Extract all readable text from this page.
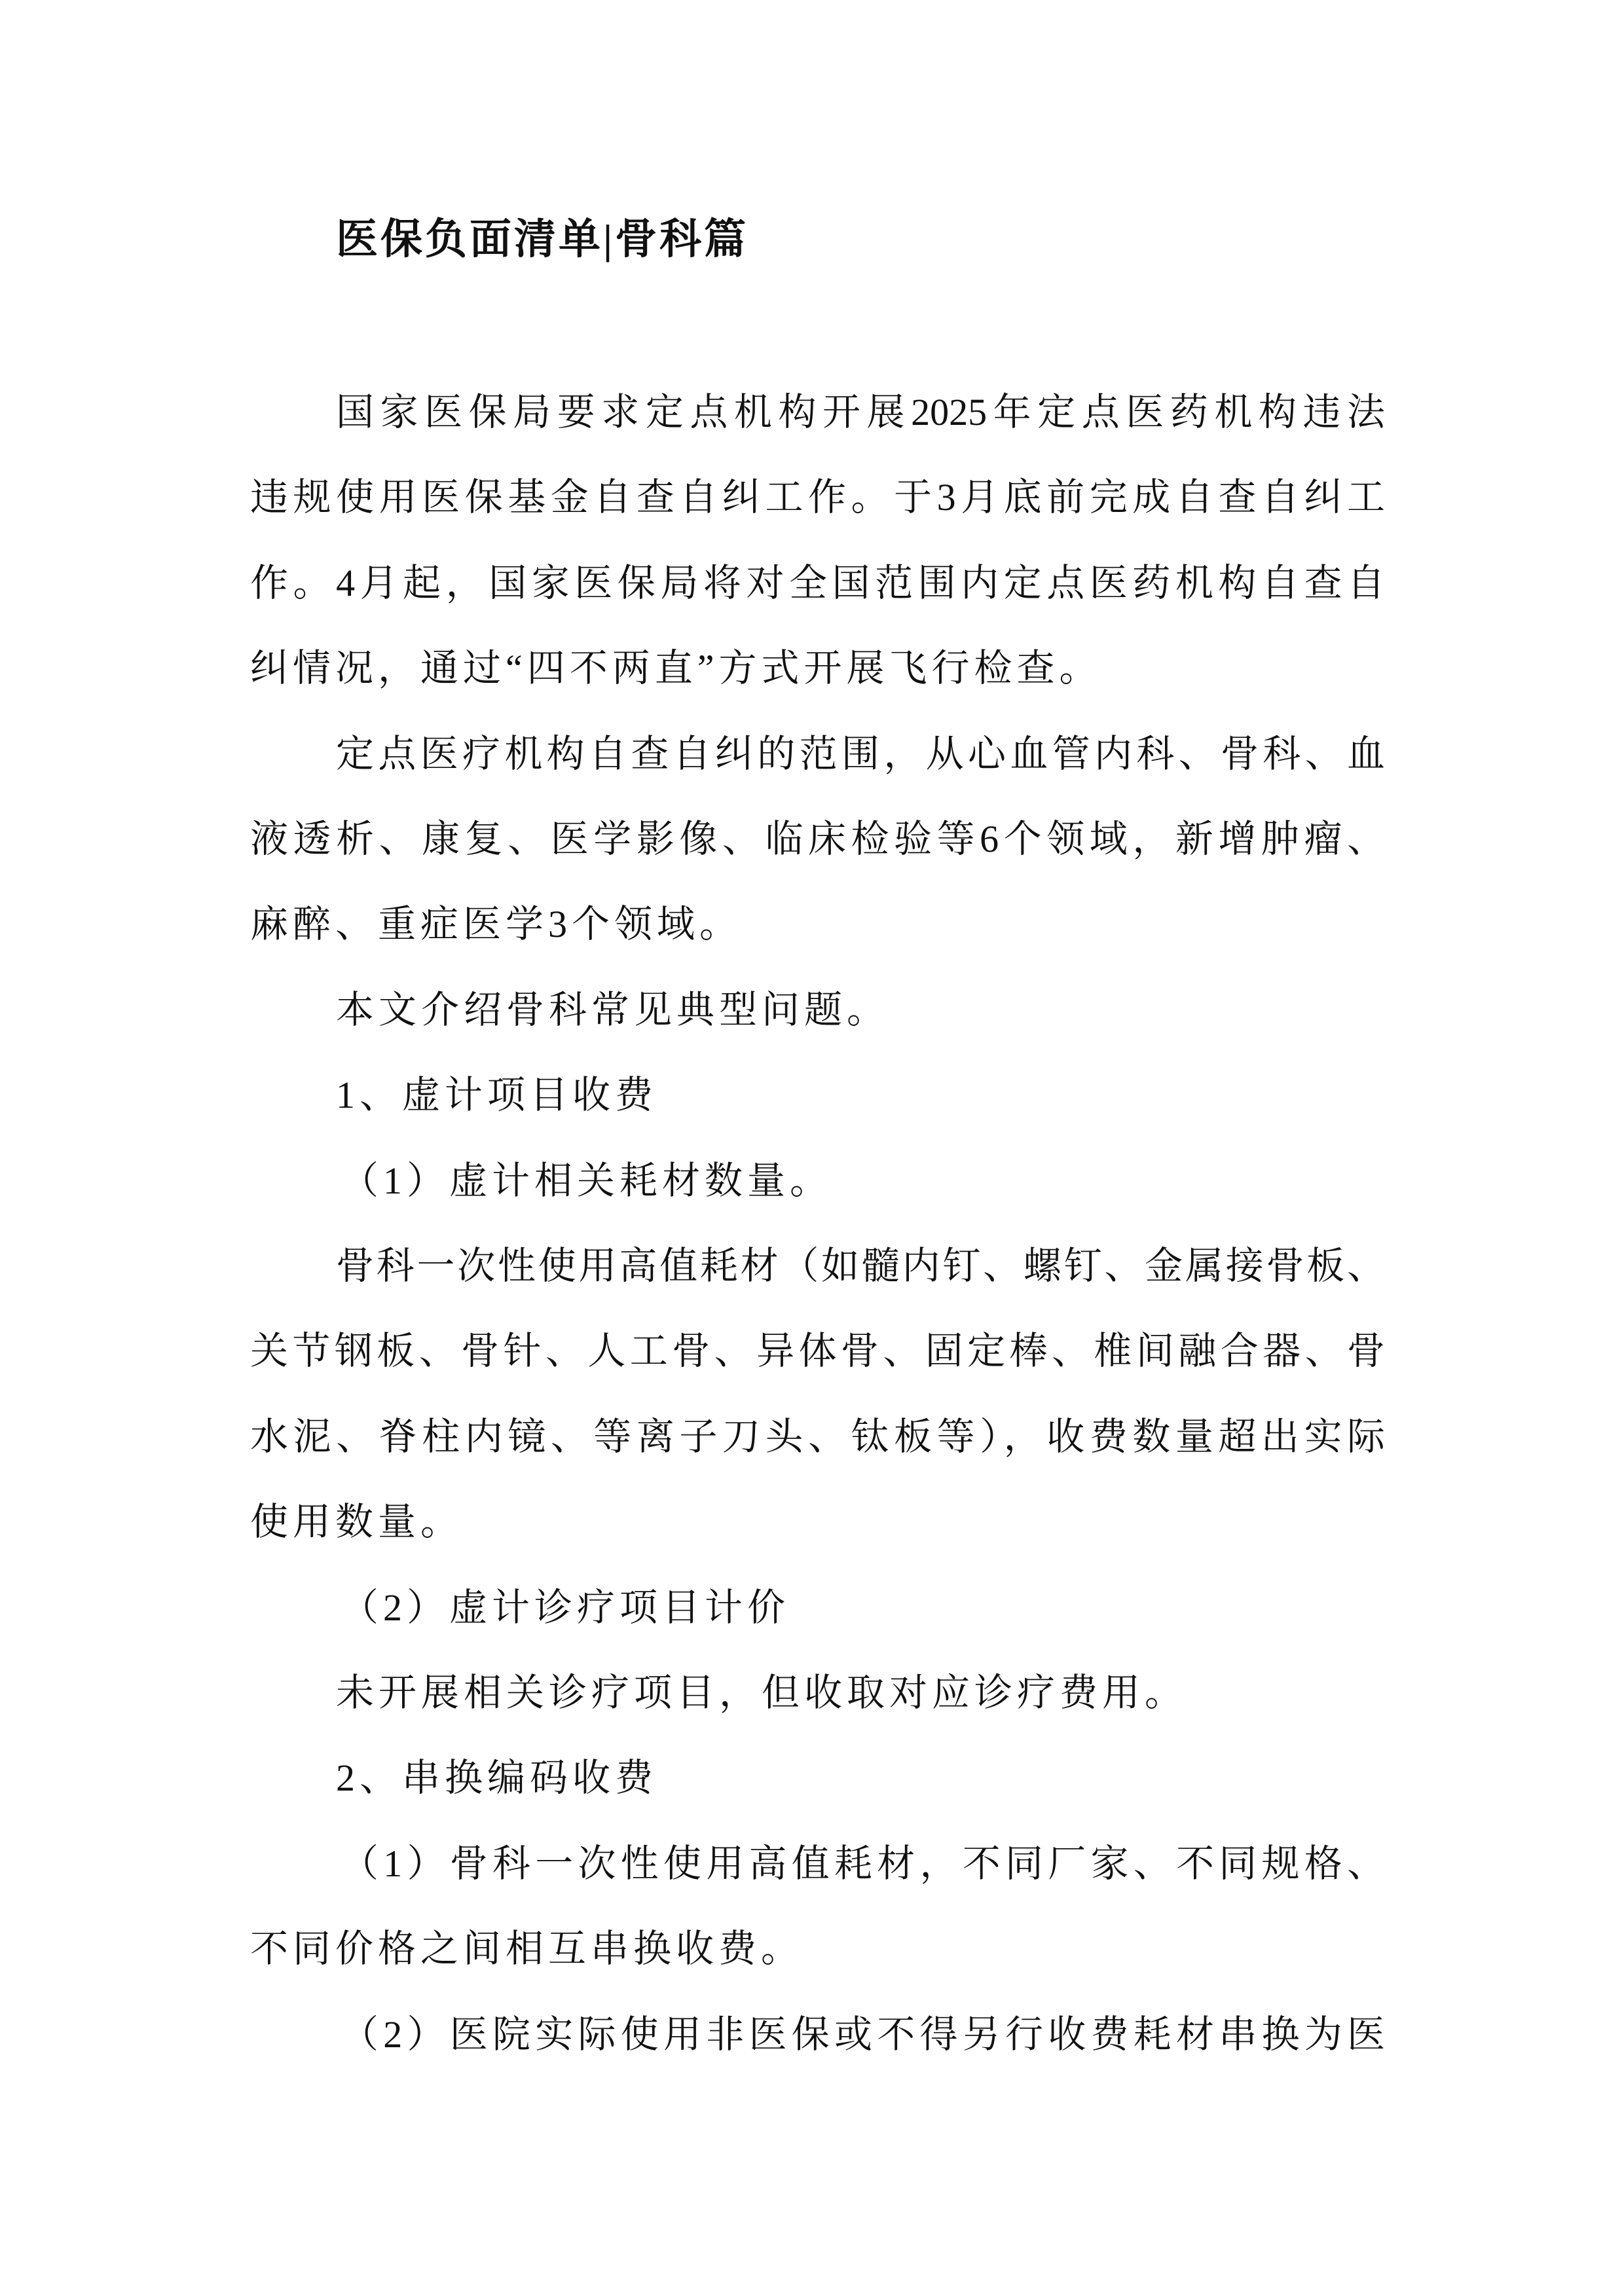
医保负面清单|骨科篇
国家医保局要求定点机构开展2025年定点医药机构违法
违规使用医保基金自查自纠工作。于3月底前完成自查自纠工
作。4月起，国家医保局将对全国范围内定点医药机构自查自
纠情况，通过“四不两直”方式开展飞行检查。
定点医疗机构自查自纠的范围，从心血管内科、骨科、血
液透析、康复、医学影像、临床检验等6个领域，新增肿瘤、
麻醉、重症医学3个领域。
本文介绍骨科常见典型问题。
1、虚计项目收费
（1）虚计相关耗材数量。
骨科一次性使用高值耗材（如髓内钉、螺钉、金属接骨板、
关节钢板、骨针、人工骨、异体骨、固定棒、椎间融合器、骨
水泥、脊柱内镜、等离子刀头、钛板等），收费数量超出实际
使用数量。
（2）虚计诊疗项目计价
未开展相关诊疗项目，但收取对应诊疗费用。
2、串换编码收费
（1）骨科一次性使用高值耗材，不同厂家、不同规格、
不同价格之间相互串换收费。
（2）医院实际使用非医保或不得另行收费耗材串换为医
